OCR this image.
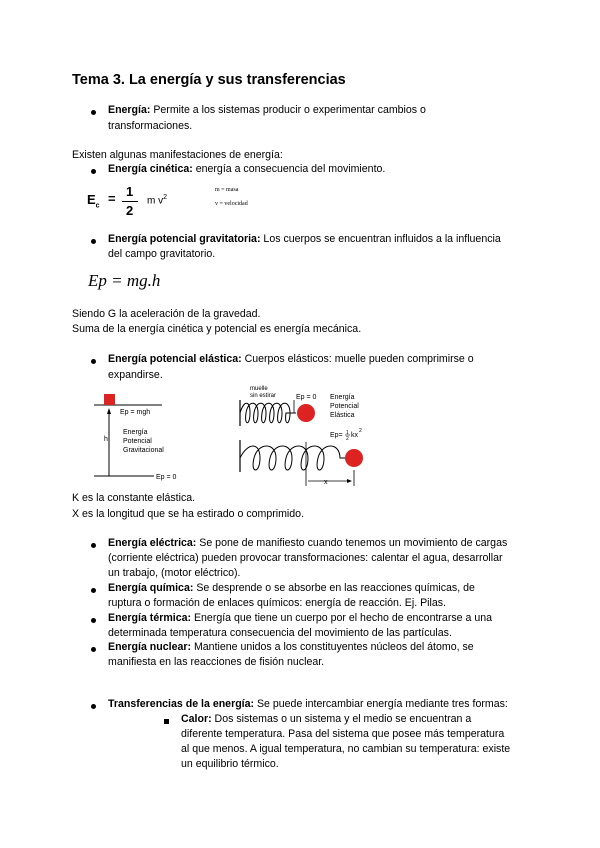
Tema 3. La energía y sus transferencias
Energía: Permite a los sistemas producir o experimentar cambios o
transformaciones.
Existen algunas manifestaciones de energía:
Energía cinética: energía a consecuencia del movimiento.
$E_c$
= 1
2
m $v^2$
m = masa
v = velocidad
Energía potencial gravitatoria: Los cuerpos se encuentran influidos a la influencia
del campo gravitatorio.
Ep = mg.h
Siendo G la aceleración de la gravedad.
Suma de la energía cinética y potencial es energía mecánica.
Energía potencial elástica: Cuerpos elásticos: muelle pueden comprimirse o
expandirse.
Ep = mgh
h
Energía
Potencial
Gravitacional
Ep = 0
muelle
sin estirar	Ep = 0 Energía
Potencial
Elástica
Ep= 1
2 kx
2
x
K es la constante elástica.
X es la longitud que se ha estirado o comprimido.
Energía eléctrica: Se pone de manifiesto cuando tenemos un movimiento de cargas
(corriente eléctrica) pueden provocar transformaciones: calentar el agua, desarrollar
un trabajo, (motor eléctrico).
Energía química: Se desprende o se absorbe en las reacciones químicas, de
ruptura o formación de enlaces químicos: energía de reacción. Ej. Pilas.
Energía térmica: Energía que tiene un cuerpo por el hecho de encontrarse a una
determinada temperatura consecuencia del movimiento de las partículas.
Energía nuclear: Mantiene unidos a los constituyentes núcleos del átomo, se
manifiesta en las reacciones de fisión nuclear.
Transferencias de la energía: Se puede intercambiar energía mediante tres formas:
Calor: Dos sistemas o un sistema y el medio se encuentran a
diferente temperatura. Pasa del sistema que posee más temperatura
al que menos. A igual temperatura, no cambian su temperatura: existe
un equilibrio térmico.
